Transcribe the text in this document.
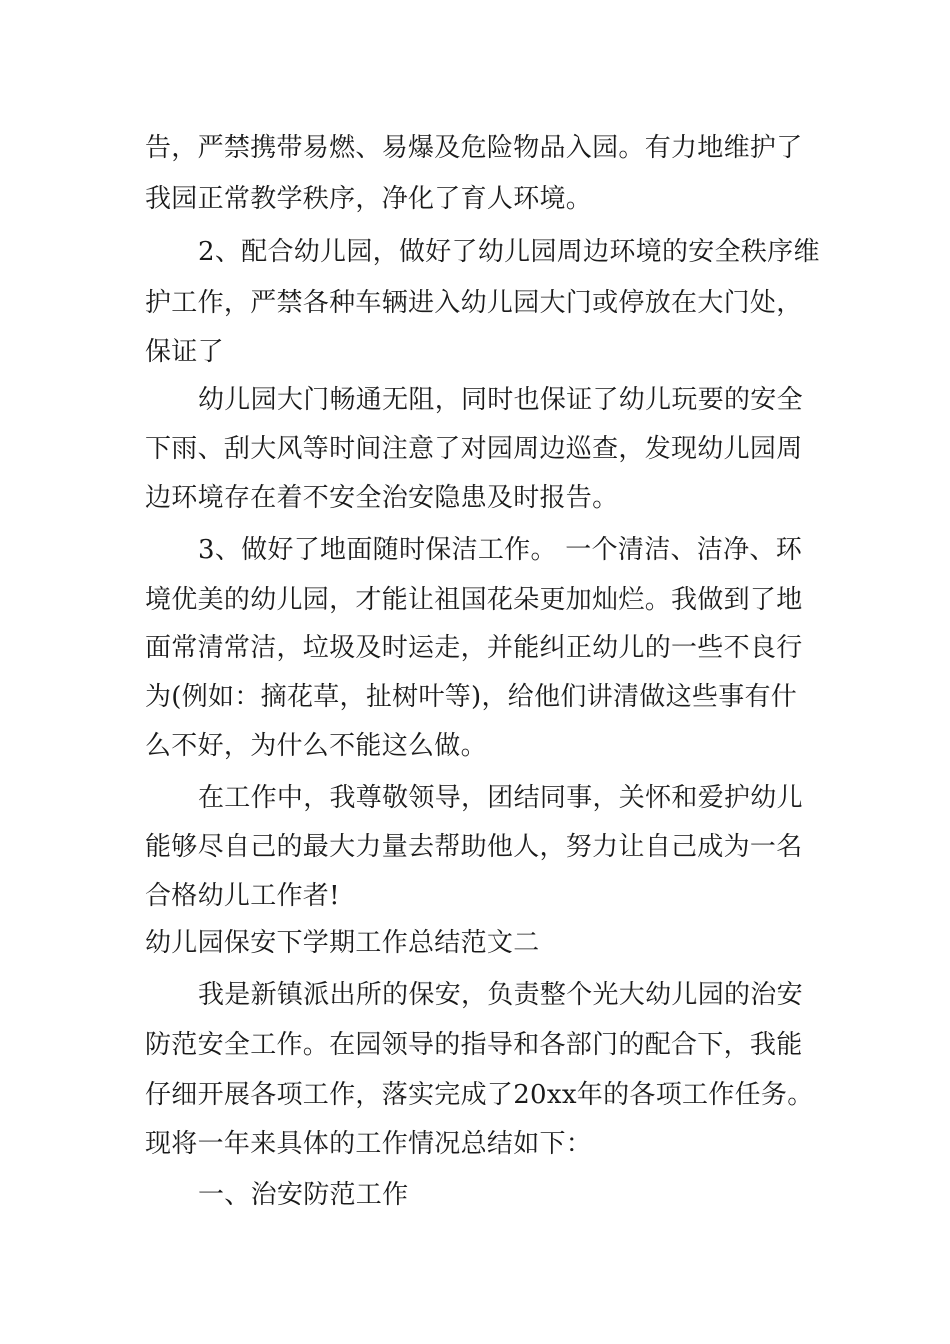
告，严禁携带易燃、易爆及危险物品入园。有力地维护了
我园正常教学秩序，净化了育人环境。
2、配合幼儿园，做好了幼儿园周边环境的安全秩序维
护工作，严禁各种车辆进入幼儿园大门或停放在大门处，
保证了
幼儿园大门畅通无阻，同时也保证了幼儿玩要的安全
下雨、刮大风等时间注意了对园周边巡查，发现幼儿园周
边环境存在着不安全治安隐患及时报告。
3、做好了地面随时保洁工作。 一个清洁、洁净、环
境优美的幼儿园，才能让祖国花朵更加灿烂。我做到了地
面常清常洁，垃圾及时运走，并能纠正幼儿的一些不良行
为(例如：摘花草，扯树叶等)，给他们讲清做这些事有什
么不好，为什么不能这么做。
在工作中，我尊敬领导，团结同事，关怀和爱护幼儿
能够尽自己的最大力量去帮助他人，努力让自己成为一名
合格幼儿工作者!
幼儿园保安下学期工作总结范文二
我是新镇派出所的保安，负责整个光大幼儿园的治安
防范安全工作。在园领导的指导和各部门的配合下，我能
仔细开展各项工作，落实完成了20xx年的各项工作任务。
现将一年来具体的工作情况总结如下：
一、治安防范工作
